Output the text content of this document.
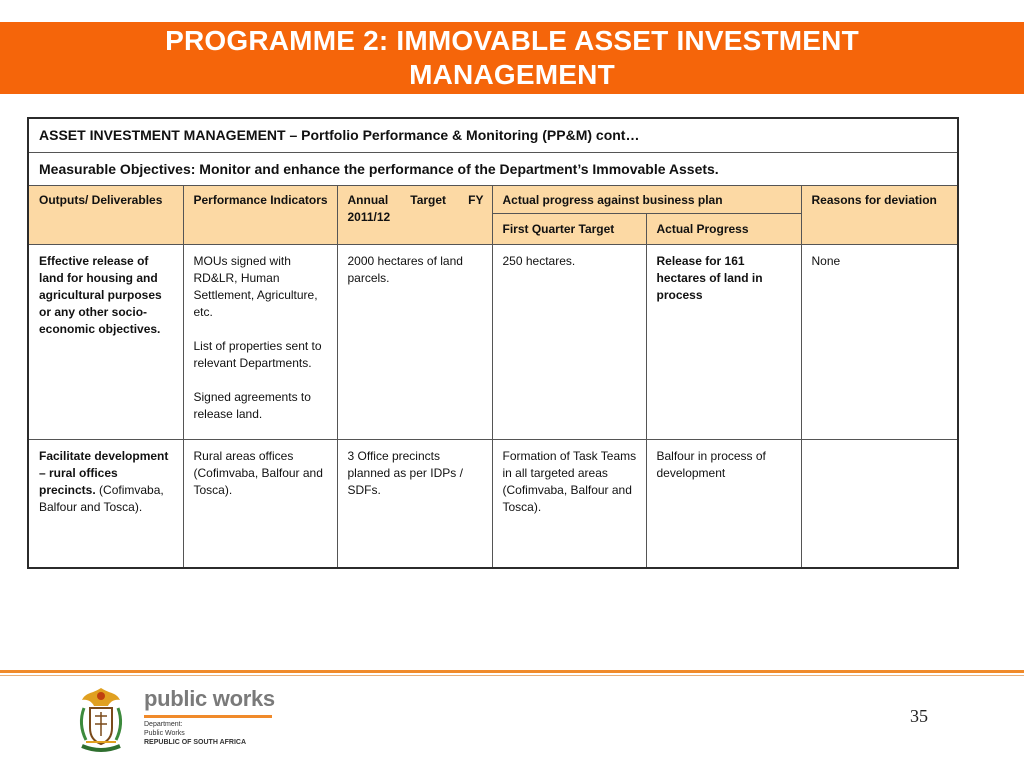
PROGRAMME 2: IMMOVABLE ASSET INVESTMENT MANAGEMENT
ASSET INVESTMENT MANAGEMENT – Portfolio Performance & Monitoring (PP&M) cont…					
Measurable Objectives: Monitor and enhance the performance of the Department’s Immovable Assets.					
Outputs/ Deliverables	Performance Indicators	Annual Target FY 2011/12	Actual progress against business plan		Reasons for deviation
			First Quarter Target	Actual Progress	
Effective release of land for housing and agricultural purposes or any other socio-economic objectives.	MOUs signed with RD&LR, Human Settlement, Agriculture, etc.
List of properties sent to relevant Departments.
Signed agreements to release land.	2000 hectares of land parcels.	250 hectares.	Release for 161 hectares of land in process	None
Facilitate development – rural offices precincts. (Cofimvaba, Balfour and Tosca).	Rural areas offices (Cofimvaba, Balfour and Tosca).	3 Office precincts planned as per IDPs / SDFs.	Formation of Task Teams in all targeted areas (Cofimvaba, Balfour and Tosca).	Balfour in process of development	
public works
Department:
Public Works
REPUBLIC OF SOUTH AFRICA
35
